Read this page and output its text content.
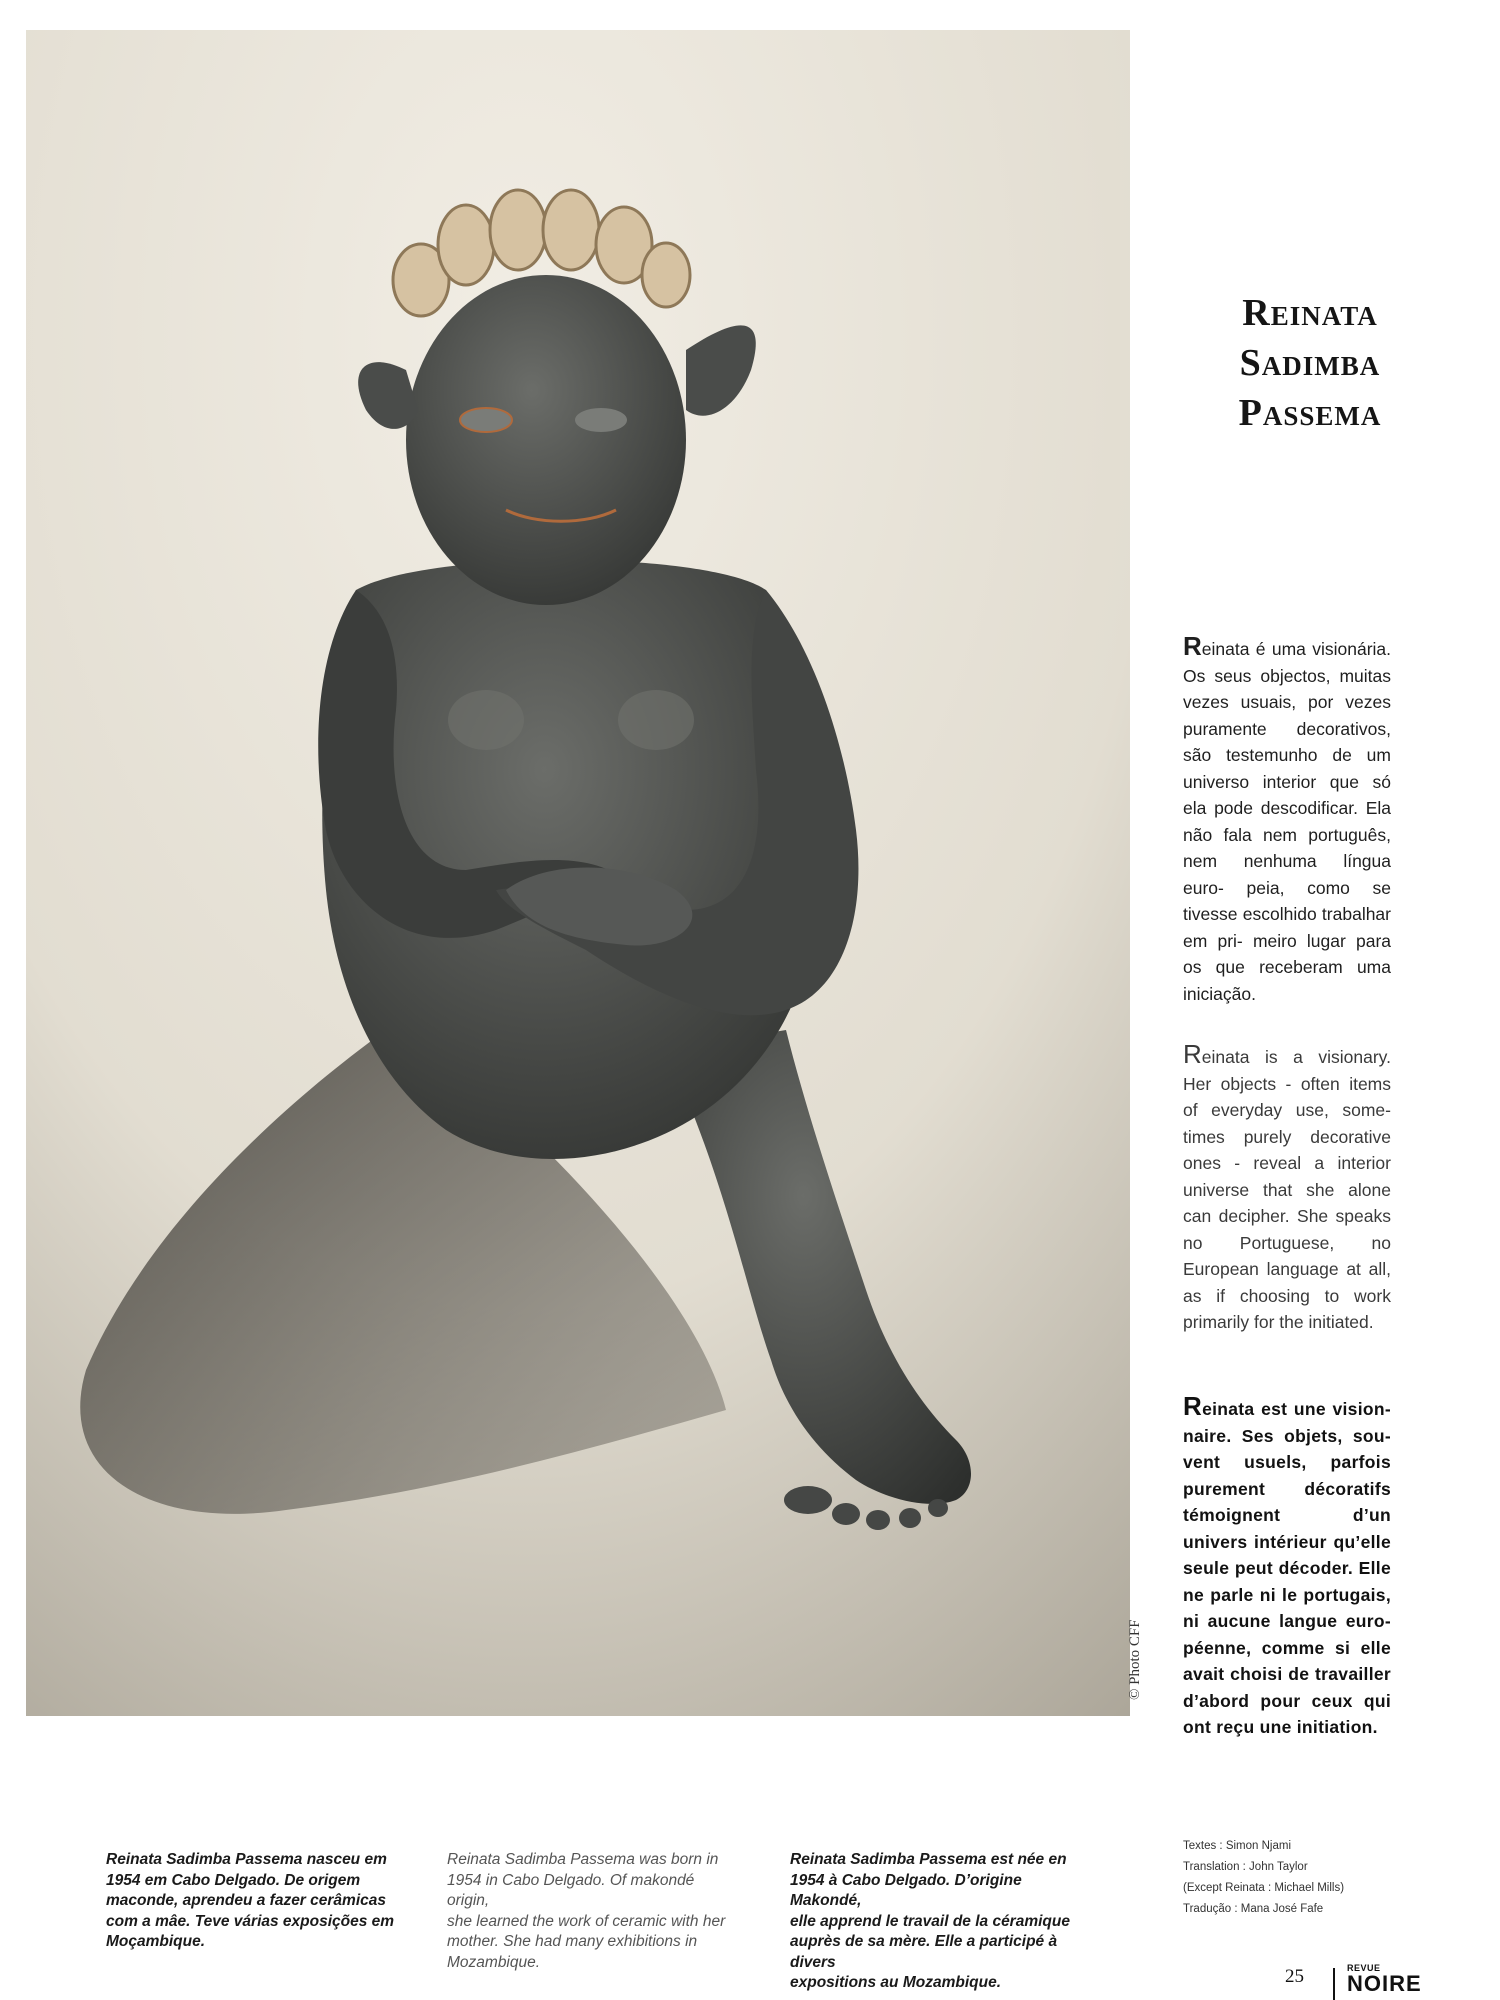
© Photo CFF
Reinata
Sadimba
Passema
Reinata é uma visionária. Os seus objectos, muitas vezes usuais, por vezes puramente decorativos, são testemunho de um universo interior que só ela pode descodificar. Ela não fala nem português, nem nenhuma língua euro- peia, como se tivesse escolhido trabalhar em pri- meiro lugar para os que receberam uma iniciação.
Reinata is a visionary. Her objects - often items of everyday use, some- times purely decorative ones - reveal a interior universe that she alone can decipher. She speaks no Portuguese, no European language at all, as if choosing to work primarily for the initiated.
Reinata est une vision- naire. Ses objets, sou- vent usuels, parfois purement décoratifs témoignent d’un univers intérieur qu’elle seule peut décoder. Elle ne parle ni le portugais, ni aucune langue euro- péenne, comme si elle avait choisi de travailler d’abord pour ceux qui ont reçu une initiation.
Reinata Sadimba Passema nasceu em
1954 em Cabo Delgado. De origem
maconde, aprendeu a fazer cerâmicas
com a mâe. Teve várias exposições em
Moçambique.
Reinata Sadimba Passema was born in
1954 in Cabo Delgado. Of makondé origin,
she learned the work of ceramic with her
mother. She had many exhibitions in
Mozambique.
Reinata Sadimba Passema est née en
1954 à Cabo Delgado. D’origine Makondé,
elle apprend le travail de la céramique
auprès de sa mère. Elle a participé à divers
expositions au Mozambique.
Textes : Simon Njami
Translation : John Taylor
(Except Reinata : Michael Mills)
Tradução : Mana José Fafe
25	REVUE
NOIRE
